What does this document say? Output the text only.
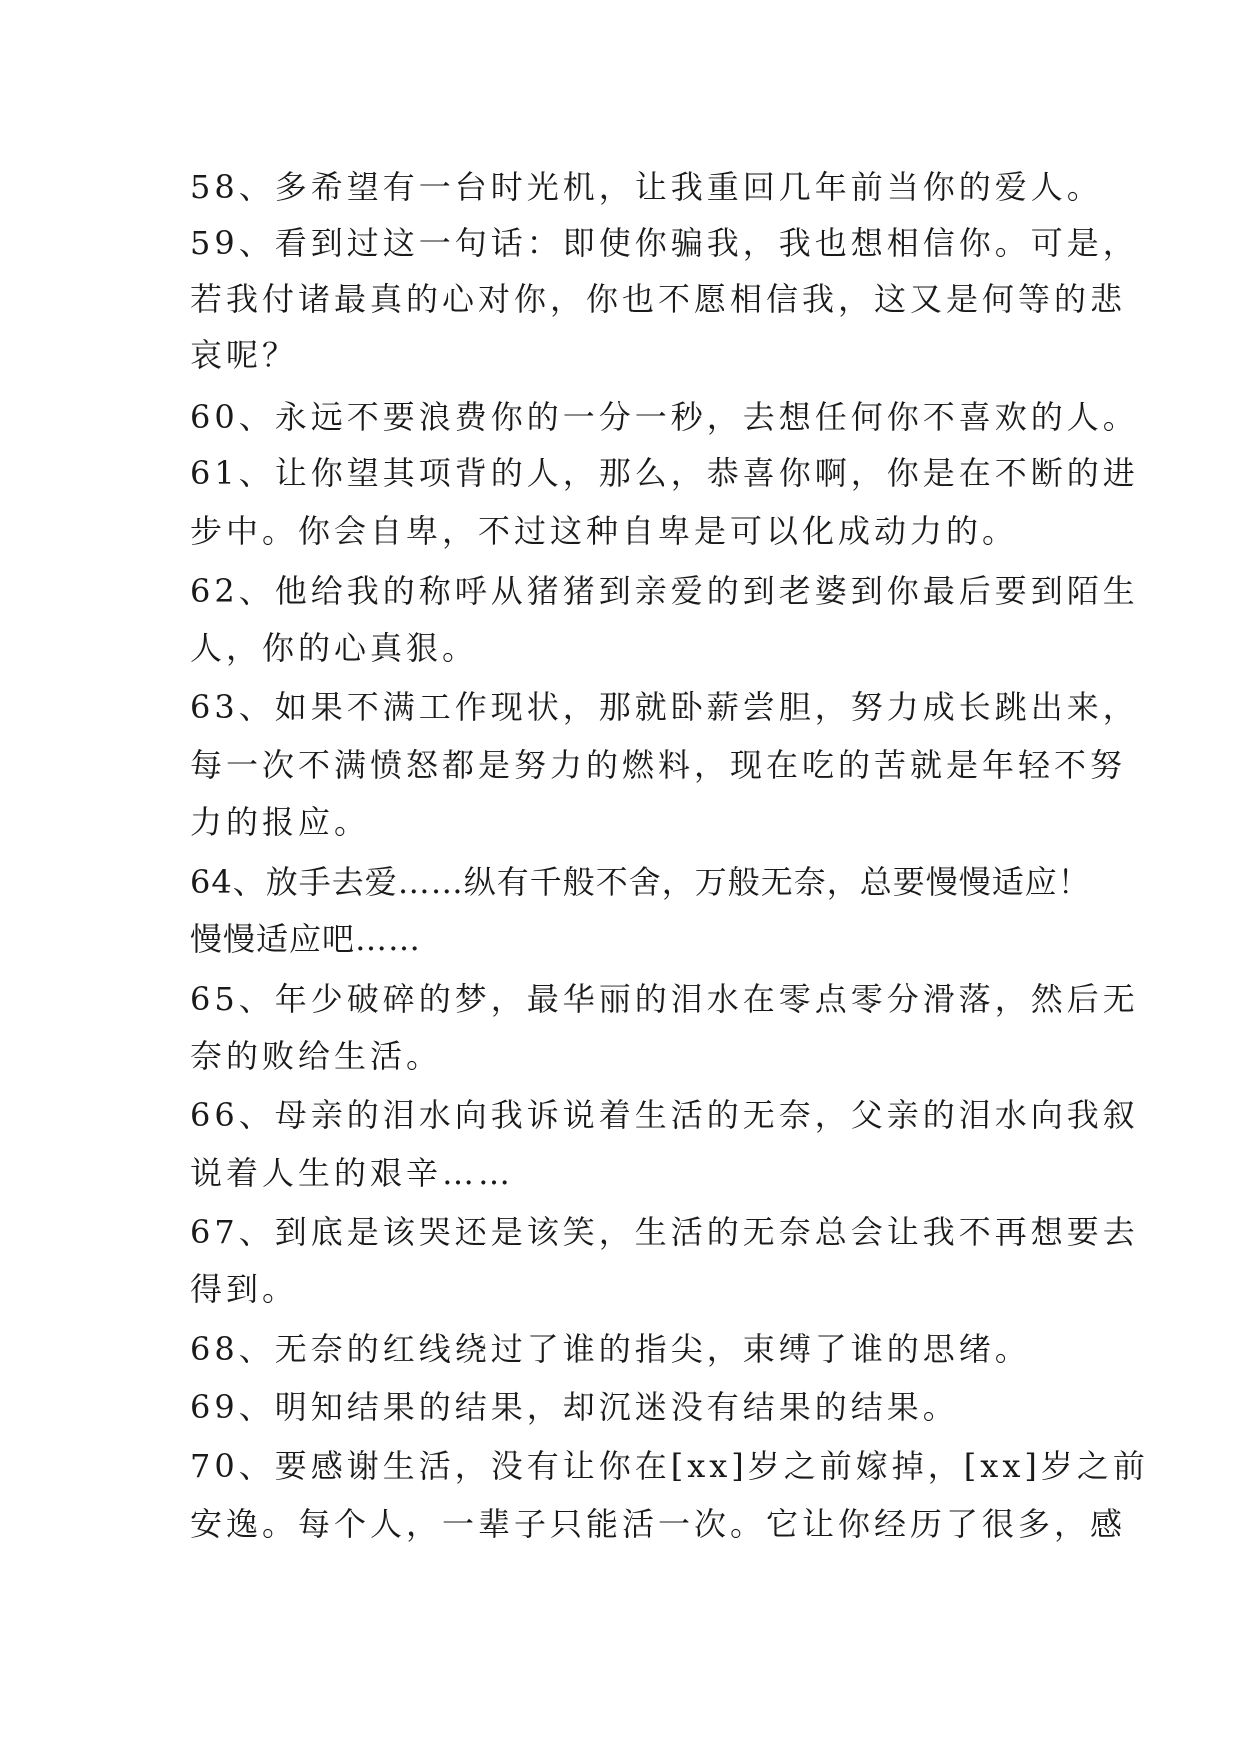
58、多希望有一台时光机，让我重回几年前当你的爱人。
59、看到过这一句话：即使你骗我，我也想相信你。可是，
若我付诸最真的心对你，你也不愿相信我，这又是何等的悲
哀呢？
60、永远不要浪费你的一分一秒，去想任何你不喜欢的人。
61、让你望其项背的人，那么，恭喜你啊，你是在不断的进
步中。你会自卑，不过这种自卑是可以化成动力的。
62、他给我的称呼从猪猪到亲爱的到老婆到你最后要到陌生
人，你的心真狠。
63、如果不满工作现状，那就卧薪尝胆，努力成长跳出来，
每一次不满愤怒都是努力的燃料，现在吃的苦就是年轻不努
力的报应。
64、放手去爱……纵有千般不舍，万般无奈，总要慢慢适应！
慢慢适应吧……
65、年少破碎的梦，最华丽的泪水在零点零分滑落，然后无
奈的败给生活。
66、母亲的泪水向我诉说着生活的无奈，父亲的泪水向我叙
说着人生的艰辛……
67、到底是该哭还是该笑，生活的无奈总会让我不再想要去
得到。
68、无奈的红线绕过了谁的指尖，束缚了谁的思绪。
69、明知结果的结果，却沉迷没有结果的结果。
70、要感谢生活，没有让你在[xx]岁之前嫁掉，[xx]岁之前
安逸。每个人，一辈子只能活一次。它让你经历了很多，感
